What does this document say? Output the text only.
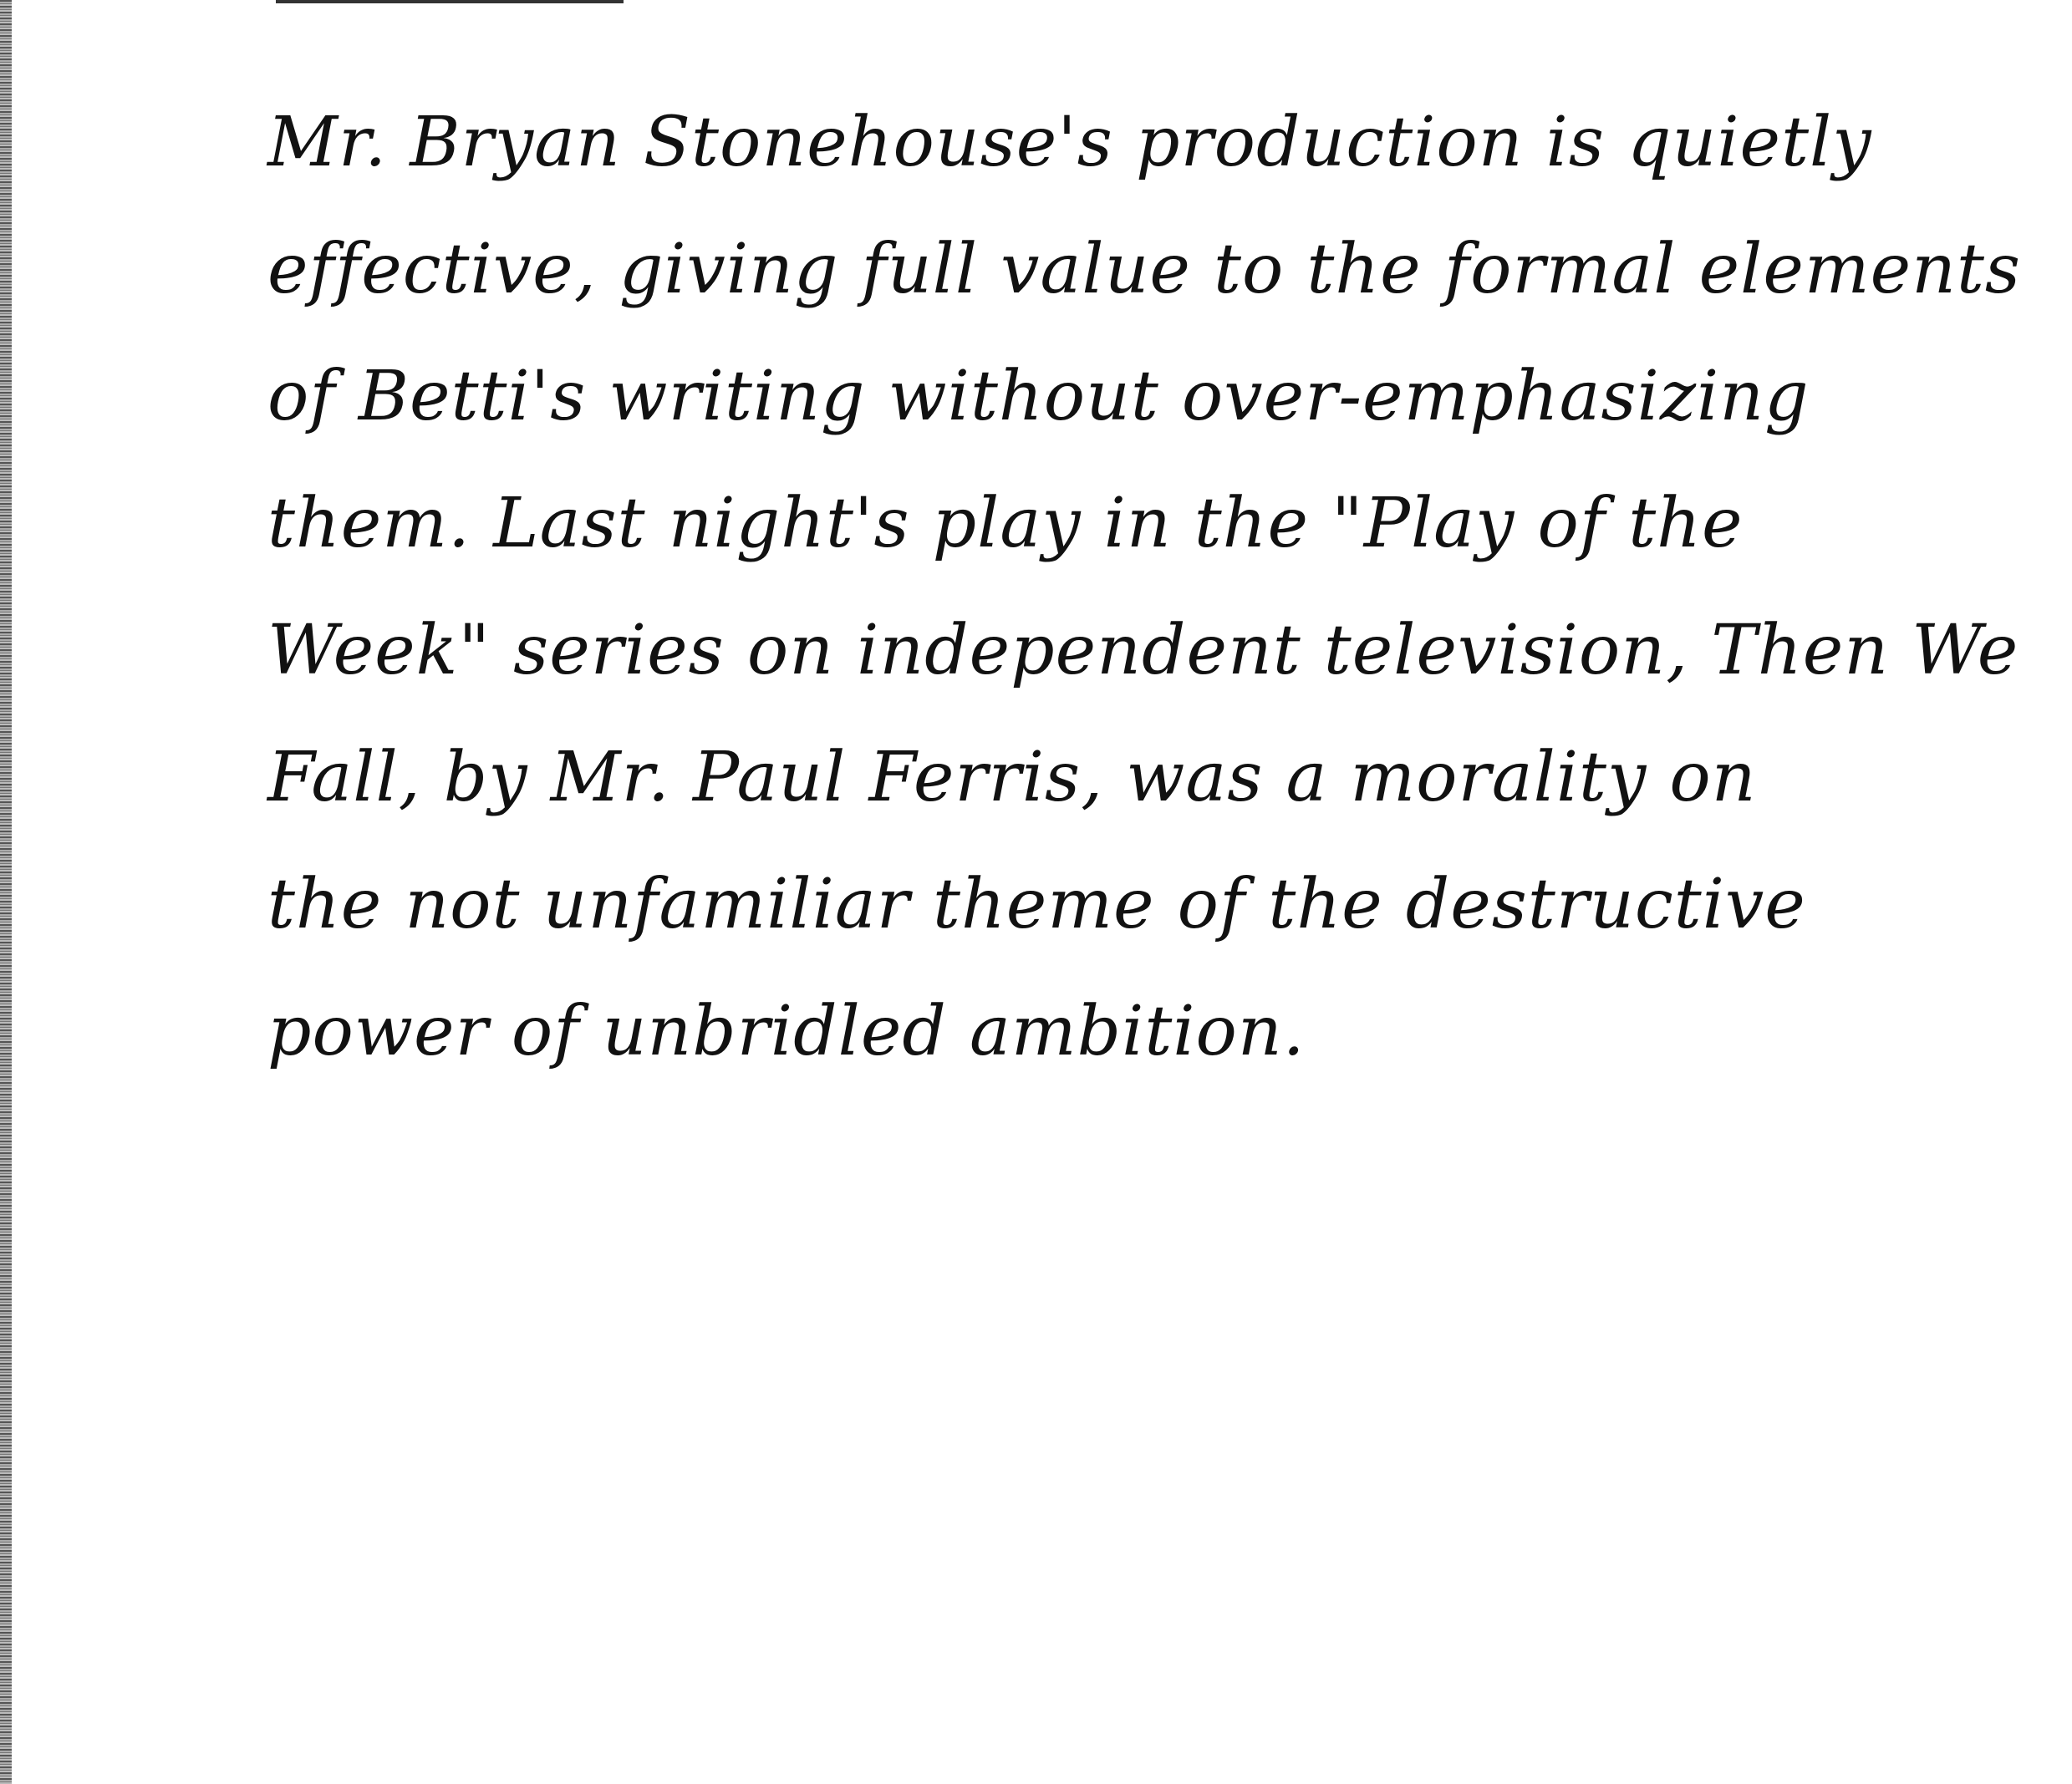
Mr. Bryan Stonehouse's production is quietly
effective, giving full value to the formal elements
of Betti's writing without over-emphasizing
them. Last night's play in the "Play of the
Week" series on independent television, Then We
Fall, by Mr. Paul Ferris, was a morality on
the not unfamiliar theme of the destructive
power of unbridled ambition.
